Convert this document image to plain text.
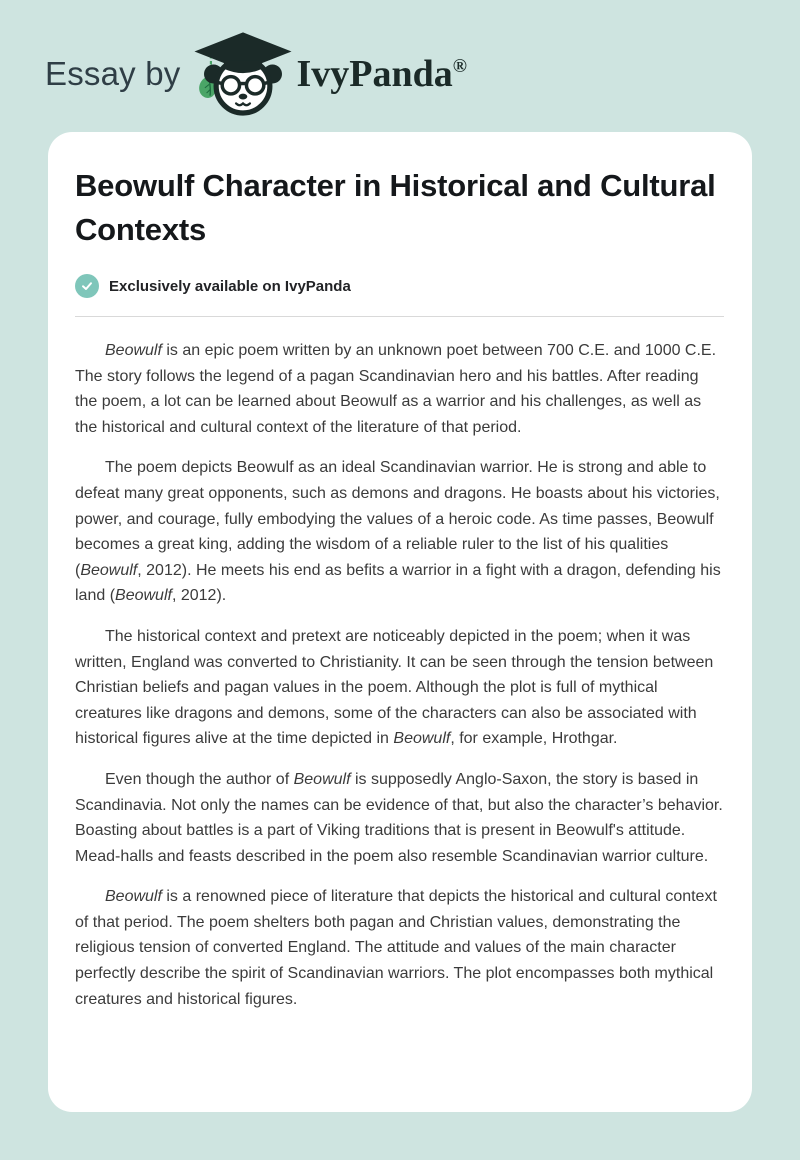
Essay by	IvyPanda®
Beowulf Character in Historical and Cultural Contexts
Exclusively available on IvyPanda

Beowulf is an epic poem written by an unknown poet between 700 C.E. and 1000 C.E. The story follows the legend of a pagan Scandinavian hero and his battles. After reading the poem, a lot can be learned about Beowulf as a warrior and his challenges, as well as the historical and cultural context of the literature of that period.

The poem depicts Beowulf as an ideal Scandinavian warrior. He is strong and able to defeat many great opponents, such as demons and dragons. He boasts about his victories, power, and courage, fully embodying the values of a heroic code. As time passes, Beowulf becomes a great king, adding the wisdom of a reliable ruler to the list of his qualities (Beowulf, 2012). He meets his end as befits a warrior in a fight with a dragon, defending his land (Beowulf, 2012).

The historical context and pretext are noticeably depicted in the poem; when it was written, England was converted to Christianity. It can be seen through the tension between Christian beliefs and pagan values in the poem. Although the plot is full of mythical creatures like dragons and demons, some of the characters can also be associated with historical figures alive at the time depicted in Beowulf, for example, Hrothgar.

Even though the author of Beowulf is supposedly Anglo-Saxon, the story is based in Scandinavia. Not only the names can be evidence of that, but also the character’s behavior. Boasting about battles is a part of Viking traditions that is present in Beowulf's attitude. Mead-halls and feasts described in the poem also resemble Scandinavian warrior culture.

Beowulf is a renowned piece of literature that depicts the historical and cultural context of that period. The poem shelters both pagan and Christian values, demonstrating the religious tension of converted England. The attitude and values of the main character perfectly describe the spirit of Scandinavian warriors. The plot encompasses both mythical creatures and historical figures.
